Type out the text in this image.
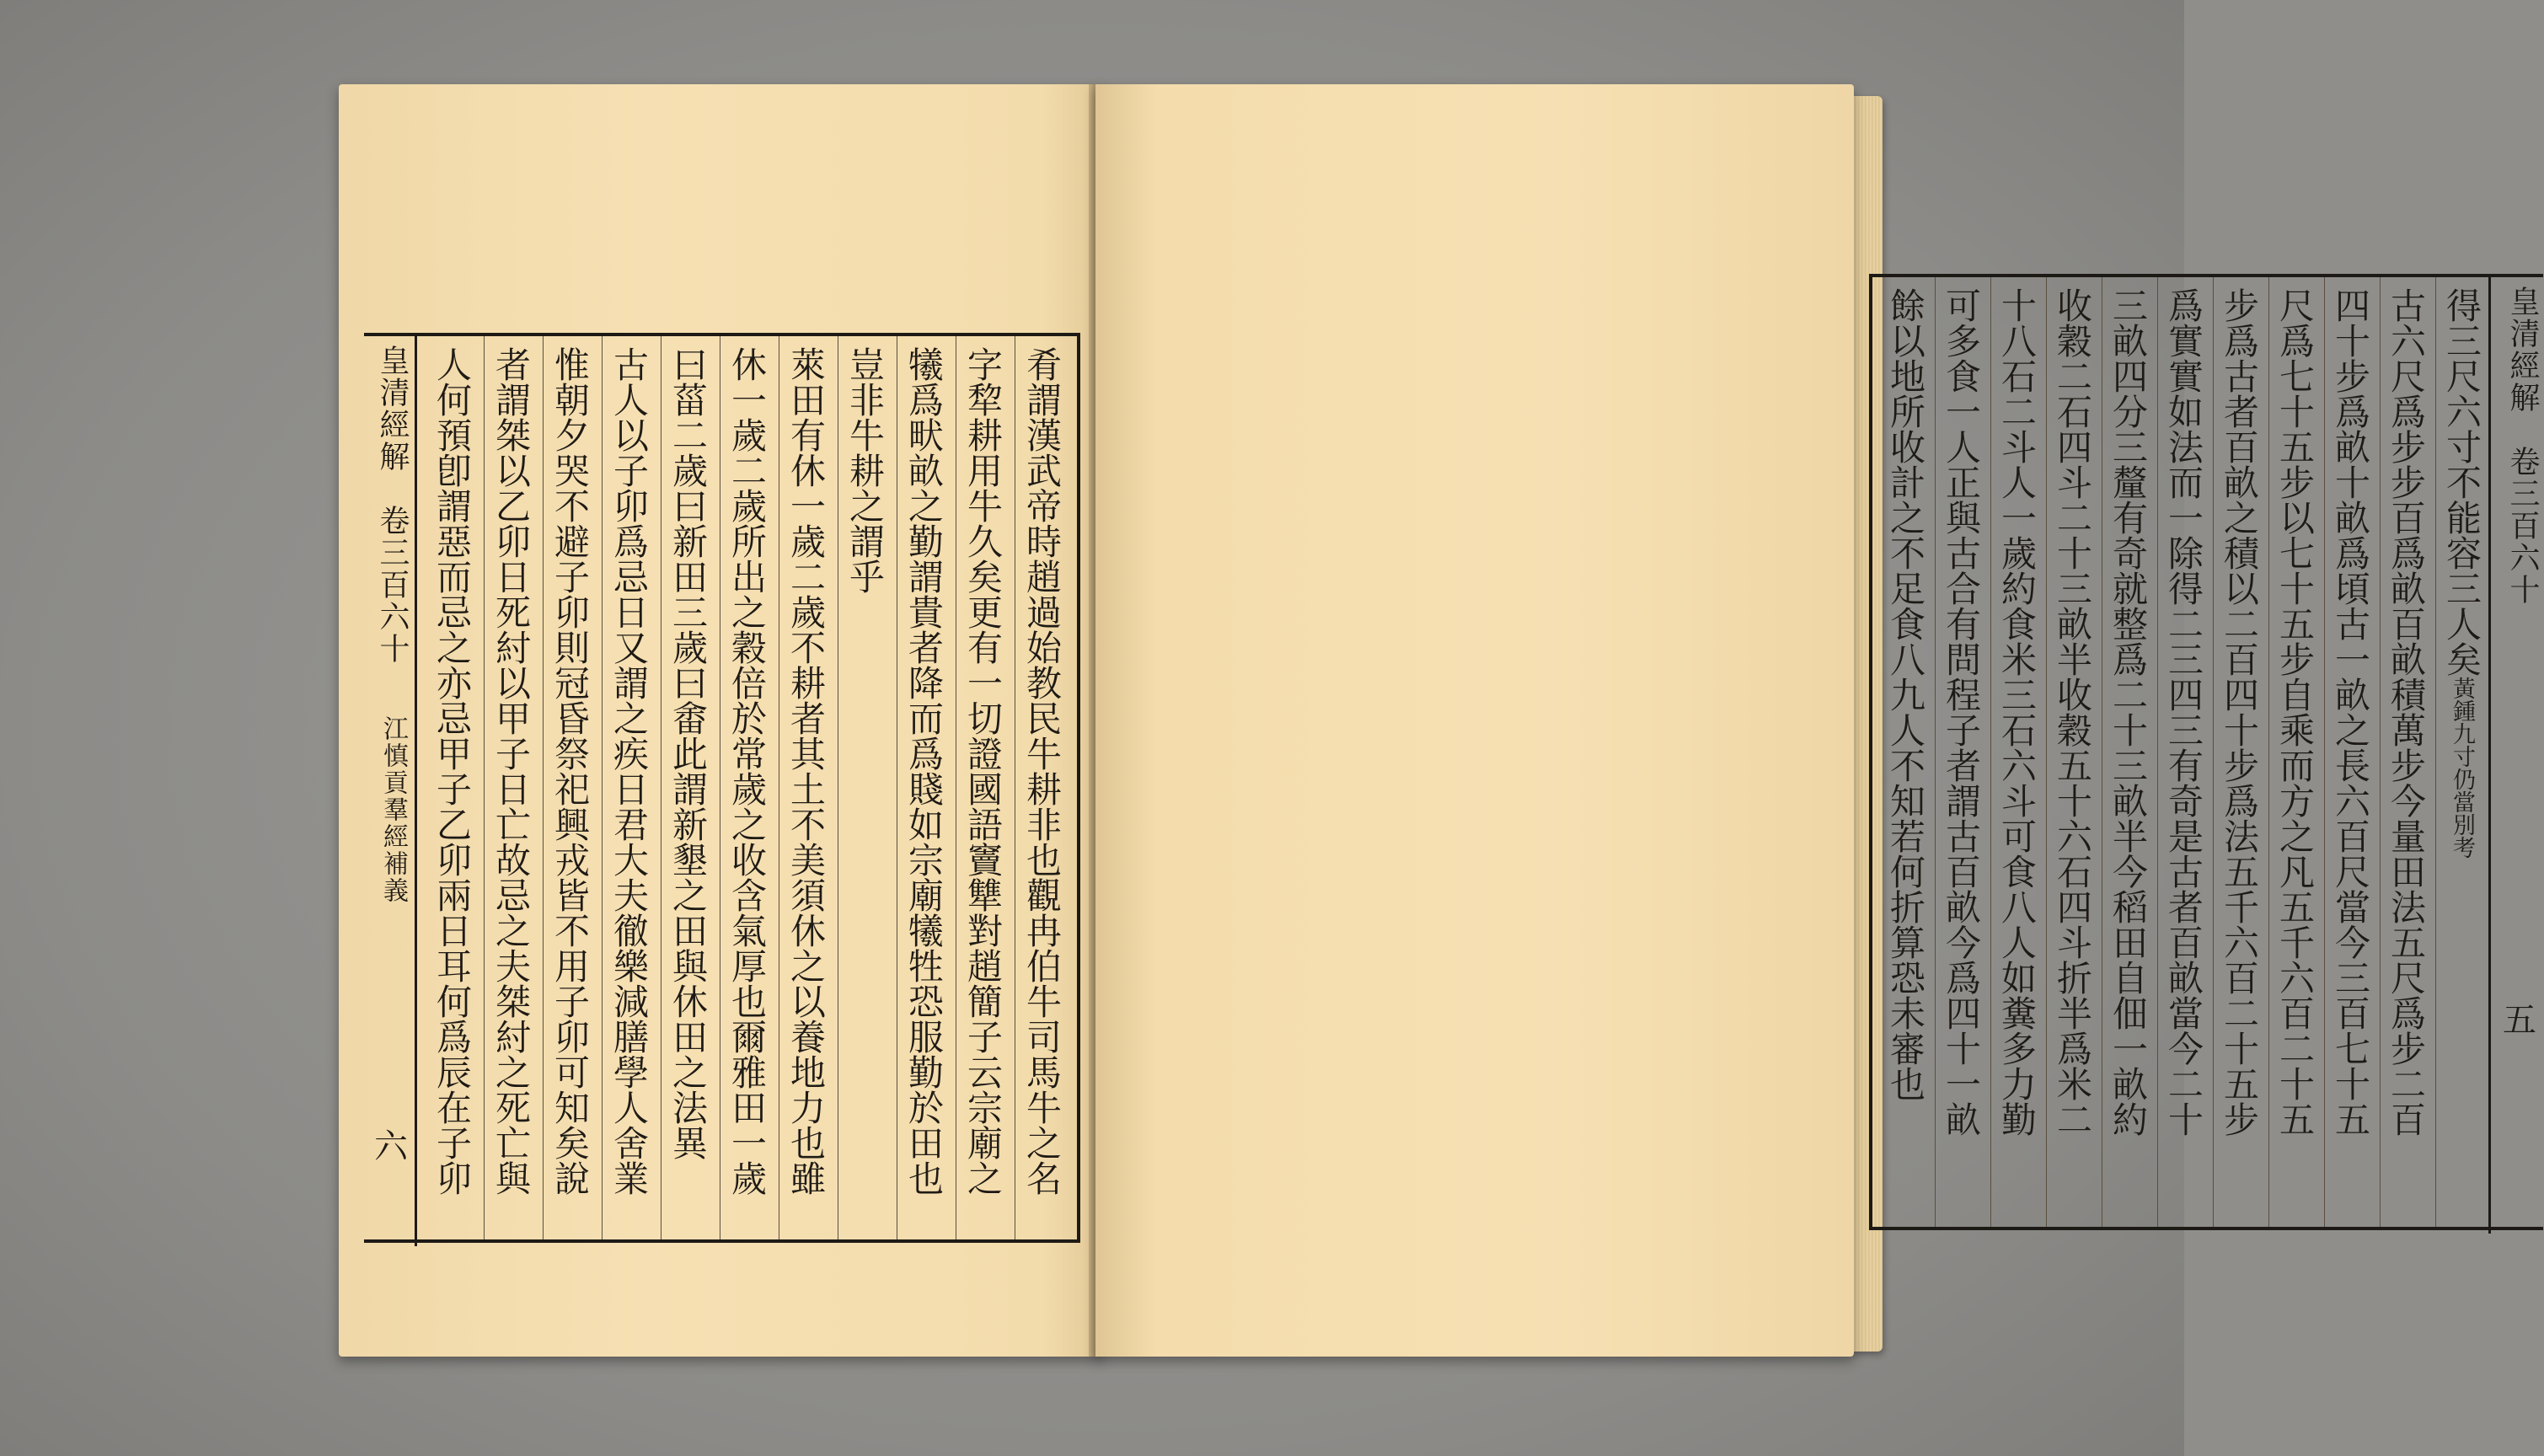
皇清經解
卷三百六十
江慎貢羣經補義
六	肴謂漢武帝時趙過始教民牛耕非也觀冉伯牛司馬牛之名
字犂耕用牛久矣更有一切證國語竇犨對趙簡子云宗廟之
犧爲畎畝之勤謂貴者降而爲賤如宗廟犧牲恐服勤於田也
豈非牛耕之謂乎
萊田有休一歲二歲不耕者其土不美須休之以養地力也雖
休一歲二歲所出之穀倍於常歲之收含氣厚也爾雅田一歲
曰菑二歲曰新田三歲曰畬此謂新墾之田與休田之法異
古人以子卯爲忌日又謂之疾日君大夫徹樂減膳學人舍業
惟朝夕哭不避子卯則冠昏祭祀興戎皆不用子卯可知矣說
者謂桀以乙卯日死紂以甲子日亡故忌之夫桀紂之死亡與
人何預卽謂惡而忌之亦忌甲子乙卯兩日耳何爲辰在子卯	皇清經解
卷三百六十
五
得三尺六寸不能容三人矣黃鍾九寸仍當別考
古六尺爲步步百爲畝百畝積萬步今量田法五尺爲步二百
四十步爲畝十畝爲頃古一畝之長六百尺當今三百七十五
尺爲七十五步以七十五步自乘而方之凡五千六百二十五
步爲古者百畝之積以二百四十步爲法五千六百二十五步
爲實實如法而一除得二三四三有奇是古者百畝當今二十
三畝四分三釐有奇就整爲二十三畝半今稻田自佃一畝約
收穀二石四斗二十三畝半收穀五十六石四斗折半爲米二
十八石二斗人一歲約食米三石六斗可食八人如糞多力勤
可多食一人正與古合有問程子者謂古百畝今爲四十一畝
餘以地所收計之不足食八九人不知若何折算恐未審也
